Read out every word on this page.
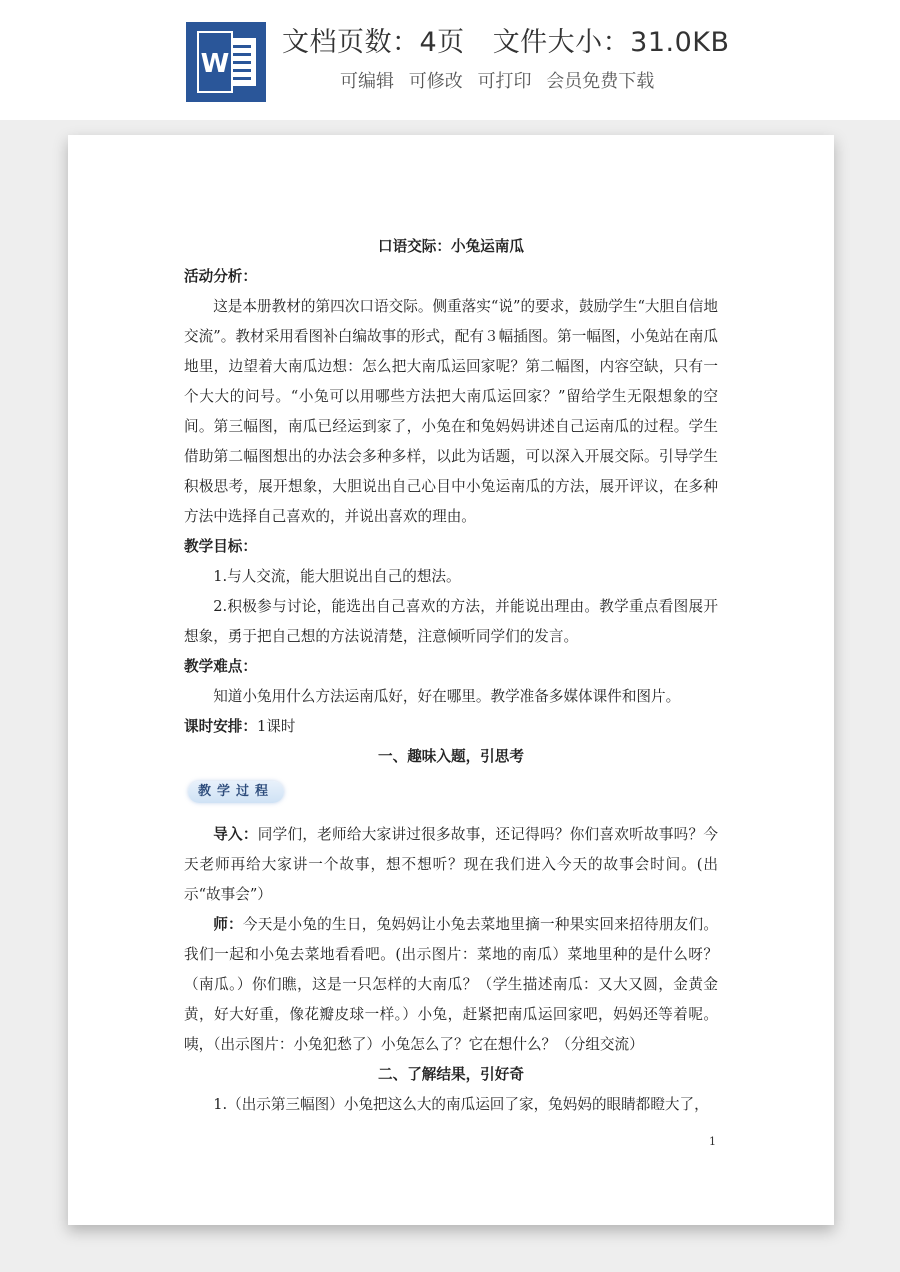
W
文档页数：4页 文件大小：31.0KB
可编辑 可修改 可打印 会员免费下载

口语交际：小兔运南瓜

活动分析：

这是本册教材的第四次口语交际。侧重落实“说”的要求，鼓励学生“大胆自信地交流”。教材采用看图补白编故事的形式，配有３幅插图。第一幅图，小兔站在南瓜地里，边望着大南瓜边想：怎么把大南瓜运回家呢？第二幅图，内容空缺，只有一个大大的问号。“小兔可以用哪些方法把大南瓜运回家？”留给学生无限想象的空间。第三幅图，南瓜已经运到家了，小兔在和兔妈妈讲述自己运南瓜的过程。学生借助第二幅图想出的办法会多种多样，以此为话题，可以深入开展交际。引导学生积极思考，展开想象，大胆说出自己心目中小兔运南瓜的方法，展开评议，在多种方法中选择自己喜欢的，并说出喜欢的理由。

教学目标：

1.与人交流，能大胆说出自己的想法。

2.积极参与讨论，能选出自己喜欢的方法，并能说出理由。教学重点看图展开想象，勇于把自己想的方法说清楚，注意倾听同学们的发言。

教学难点：

知道小兔用什么方法运南瓜好，好在哪里。教学准备多媒体课件和图片。

课时安排：1课时

一、趣味入题，引思考

教学过程

导入：同学们，老师给大家讲过很多故事，还记得吗？你们喜欢听故事吗？今天老师再给大家讲一个故事，想不想听？现在我们进入今天的故事会时间。(出示“故事会”）

师：今天是小兔的生日，兔妈妈让小兔去菜地里摘一种果实回来招待朋友们。我们一起和小兔去菜地看看吧。(出示图片：菜地的南瓜）菜地里种的是什么呀？（南瓜。）你们瞧，这是一只怎样的大南瓜？（学生描述南瓜：又大又圆，金黄金黄，好大好重，像花瓣皮球一样。）小兔，赶紧把南瓜运回家吧，妈妈还等着呢。咦，（出示图片：小兔犯愁了）小兔怎么了？它在想什么？（分组交流）

二、了解结果，引好奇

1.（出示第三幅图）小兔把这么大的南瓜运回了家，兔妈妈的眼睛都瞪大了，

1
